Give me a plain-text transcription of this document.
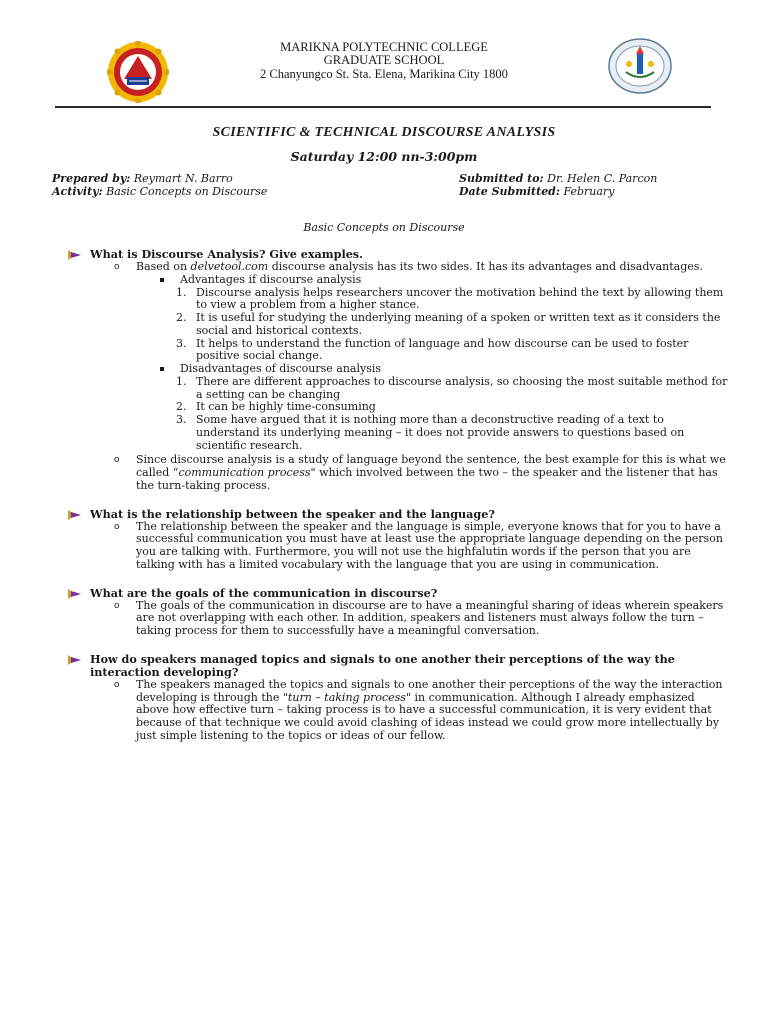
MARIKNA POLYTECHNIC COLLEGE
GRADUATE SCHOOL
2 Chanyungco St. Sta. Elena, Marikina City 1800
SCIENTIFIC & TECHNICAL DISCOURSE ANALYSIS
Saturday 12:00 nn-3:00pm
Prepared by: Reymart N. Barro
Activity: Basic Concepts on Discourse
Submitted to: Dr. Helen C. Parcon
Date Submitted: February
Basic Concepts on Discourse
What is Discourse Analysis? Give examples.
o Based on delvetool.com discourse analysis has its two sides. It has its advantages and disadvantages.
Advantages if discourse analysis
1. Discourse analysis helps researchers uncover the motivation behind the text by allowing them to view a problem from a higher stance.
2. It is useful for studying the underlying meaning of a spoken or written text as it considers the social and historical contexts.
3. It helps to understand the function of language and how discourse can be used to foster positive social change.
Disadvantages of discourse analysis
1. There are different approaches to discourse analysis, so choosing the most suitable method for a setting can be changing
2. It can be highly time-consuming
3. Some have argued that it is nothing more than a deconstructive reading of a text to understand its underlying meaning – it does not provide answers to questions based on scientific research.
o Since discourse analysis is a study of language beyond the sentence, the best example for this is what we called “communication process" which involved between the two – the speaker and the listener that has the turn-taking process.
What is the relationship between the speaker and the language?
o The relationship between the speaker and the language is simple, everyone knows that for you to have a successful communication you must have at least use the appropriate language depending on the person you are talking with. Furthermore, you will not use the highfalutin words if the person that you are talking with has a limited vocabulary with the language that you are using in communication.
What are the goals of the communication in discourse?
o The goals of the communication in discourse are to have a meaningful sharing of ideas wherein speakers are not overlapping with each other. In addition, speakers and listeners must always follow the turn – taking process for them to successfully have a meaningful conversation.
How do speakers managed topics and signals to one another their perceptions of the way the interaction developing?
o The speakers managed the topics and signals to one another their perceptions of the way the interaction developing is through the "turn – taking process" in communication. Although I already emphasized above how effective turn – taking process is to have a successful communication, it is very evident that because of that technique we could avoid clashing of ideas instead we could grow more intellectually by just simple listening to the topics or ideas of our fellow.
